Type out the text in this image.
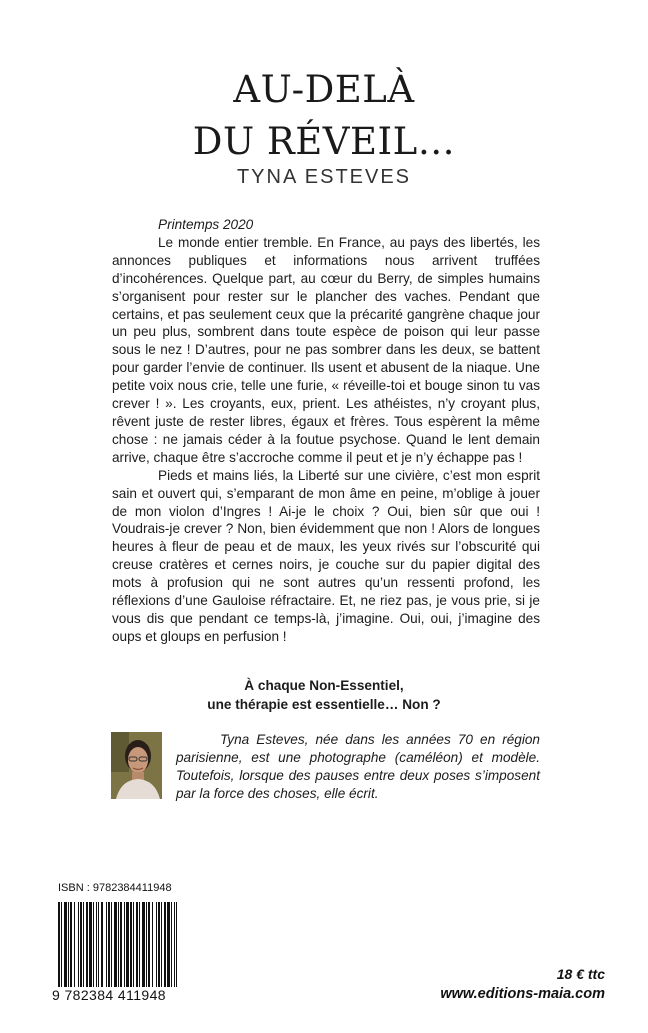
AU-DELÀ
DU RÉVEIL…
TYNA ESTEVES

Printemps 2020

Le monde entier tremble. En France, au pays des libertés, les annonces publiques et informations nous arrivent truffées d’incohérences. Quelque part, au cœur du Berry, de simples humains s’organisent pour rester sur le plancher des vaches. Pendant que certains, et pas seulement ceux que la précarité gangrène chaque jour un peu plus, sombrent dans toute espèce de poison qui leur passe sous le nez ! D’autres, pour ne pas sombrer dans les deux, se battent pour garder l’envie de continuer. Ils usent et abusent de la niaque. Une petite voix nous crie, telle une furie, « réveille-toi et bouge sinon tu vas crever ! ». Les croyants, eux, prient. Les athéistes, n’y croyant plus, rêvent juste de rester libres, égaux et frères. Tous espèrent la même chose : ne jamais céder à la foutue psychose. Quand le lent demain arrive, chaque être s’accroche comme il peut et je n’y échappe pas !

Pieds et mains liés, la Liberté sur une civière, c’est mon esprit sain et ouvert qui, s’emparant de mon âme en peine, m’oblige à jouer de mon violon d’Ingres ! Ai-je le choix ? Oui, bien sûr que oui ! Voudrais-je crever ? Non, bien évidemment que non ! Alors de longues heures à fleur de peau et de maux, les yeux rivés sur l’obscurité qui creuse cratères et cernes noirs, je couche sur du papier digital des mots à profusion qui ne sont autres qu’un ressenti profond, les réflexions d’une Gauloise réfractaire. Et, ne riez pas, je vous prie, si je vous dis que pendant ce temps-là, j’imagine. Oui, oui, j’imagine des oups et gloups en perfusion !

À chaque Non-Essentiel,
une thérapie est essentielle… Non ?

Tyna Esteves, née dans les années 70 en région parisienne, est une photographe (caméléon) et modèle. Toutefois, lorsque des pauses entre deux poses s’imposent par la force des choses, elle écrit.

ISBN : 9782384411948
9 782384 411948
18 € ttc
www.editions-maia.com
